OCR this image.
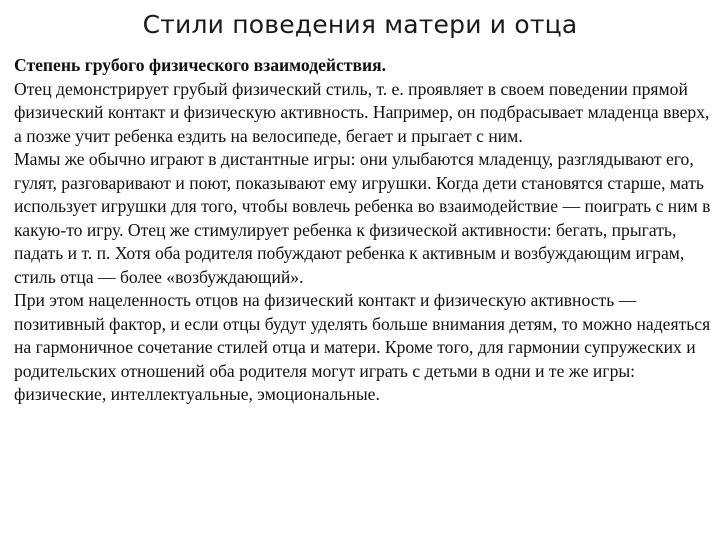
Стили поведения матери и отца

Степень грубого физического взаимодействия.

Отец демонстрирует грубый физический стиль, т. е. проявляет в своем поведении прямой физический контакт и физическую активность. Например, он подбрасывает младенца вверх, а позже учит ребенка ездить на велосипеде, бегает и прыгает с ним.

Мамы же обычно играют в дистантные игры: они улыбаются младенцу, разглядывают его, гулят, разговаривают и поют, показывают ему игрушки. Когда дети становятся старше, мать использует игрушки для того, чтобы вовлечь ребенка во взаимодействие — поиграть с ним в какую-то игру. Отец же стимулирует ребенка к физической активности: бегать, прыгать, падать и т. п. Хотя оба родителя побуждают ребенка к активным и возбуждающим играм, стиль отца — более «возбуждающий».

При этом нацеленность отцов на физический контакт и физическую активность — позитивный фактор, и если отцы будут уделять больше внимания детям, то можно надеяться на гармоничное сочетание стилей отца и матери. Кроме того, для гармонии супружеских и родительских отношений оба родителя могут играть с детьми в одни и те же игры: физические, интеллектуальные, эмоциональные.
